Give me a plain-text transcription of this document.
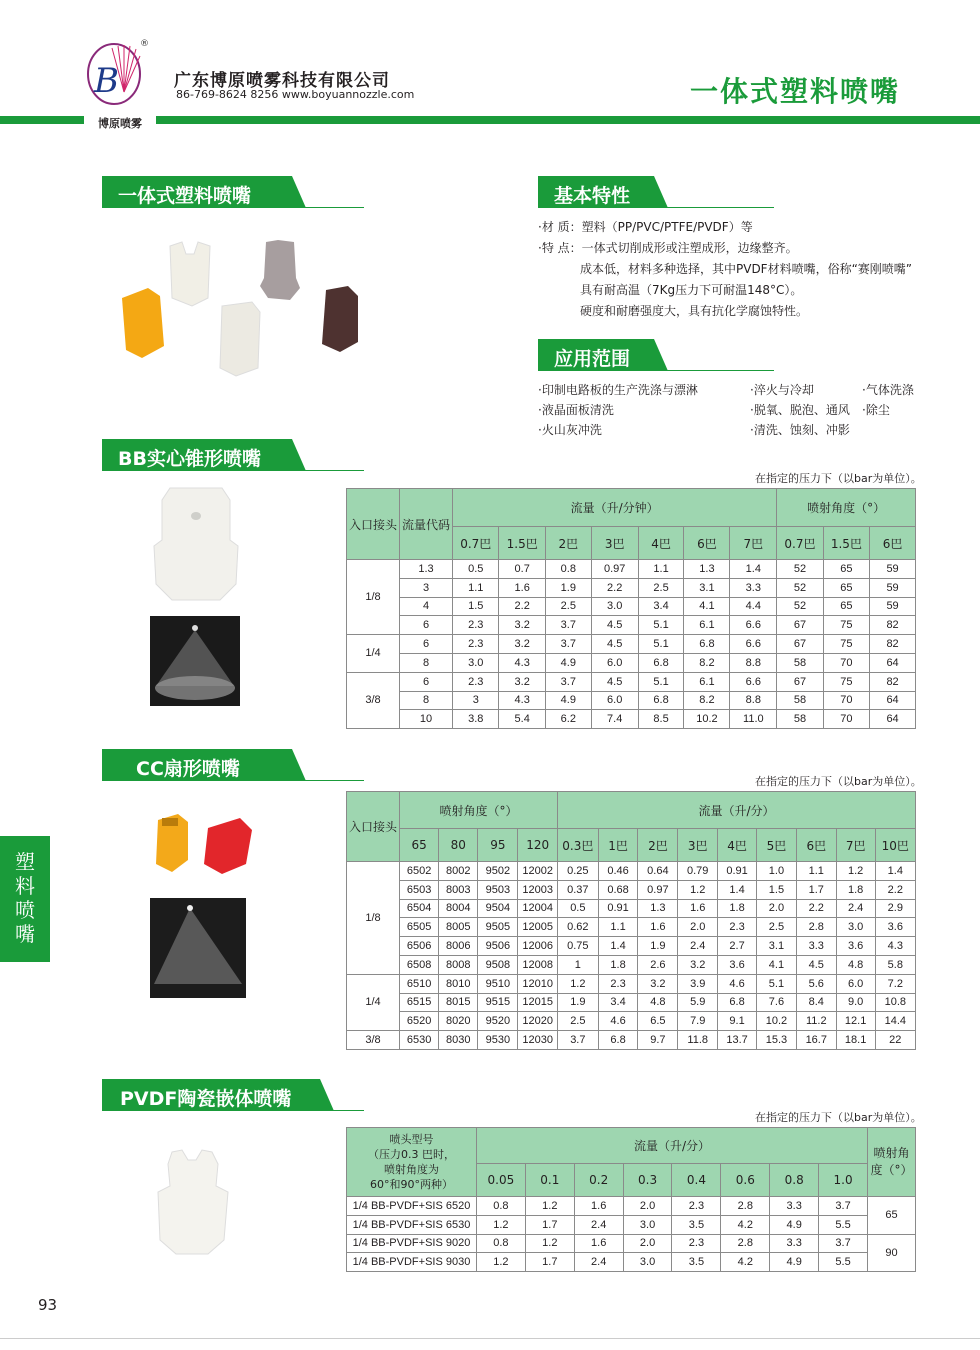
B
®
博原喷雾
广东博原喷雾科技有限公司
86-769-8624 8256 www.boyuannozzle.com	一体式塑料喷嘴
一体式塑料喷嘴	基本特性
·材 质：塑料（PP/PVC/PTFE/PVDF）等
·特 点：一体式切削成形或注塑成形，边缘整齐。
成本低，材料多种选择，其中PVDF材料喷嘴，俗称“赛刚喷嘴”
具有耐高温（7Kg压力下可耐温148°C）。
硬度和耐磨强度大，具有抗化学腐蚀特性。
应用范围
·印制电路板的生产洗涤与漂淋
·液晶面板清洗
·火山灰冲洗
·淬火与冷却
·脱氧、脱泡、通风
·清洗、蚀刻、冲影
·气体洗涤
·除尘
BB实心锥形喷嘴
在指定的压力下（以bar为单位）。
入口接头	流量代码	流量（升/分钟）							喷射角度（°）		
		0.7巴	1.5巴	2巴	3巴	4巴	6巴	7巴	0.7巴	1.5巴	6巴
1/8	1.3	0.5	0.7	0.8	0.97	1.1	1.3	1.4	52	65	59
	3	1.1	1.6	1.9	2.2	2.5	3.1	3.3	52	65	59
	4	1.5	2.2	2.5	3.0	3.4	4.1	4.4	52	65	59
	6	2.3	3.2	3.7	4.5	5.1	6.1	6.6	67	75	82
1/4	6	2.3	3.2	3.7	4.5	5.1	6.8	6.6	67	75	82
	8	3.0	4.3	4.9	6.0	6.8	8.2	8.8	58	70	64
3/8	6	2.3	3.2	3.7	4.5	5.1	6.1	6.6	67	75	82
	8	3	4.3	4.9	6.0	6.8	8.2	8.8	58	70	64
	10	3.8	5.4	6.2	7.4	8.5	10.2	11.0	58	70	64
CC扇形喷嘴
在指定的压力下（以bar为单位）。
入口接头	喷射角度（°）				流量（升/分）								
	65	80	95	120	0.3巴	1巴	2巴	3巴	4巴	5巴	6巴	7巴	10巴
1/8	6502	8002	9502	12002	0.25	0.46	0.64	0.79	0.91	1.0	1.1	1.2	1.4
	6503	8003	9503	12003	0.37	0.68	0.97	1.2	1.4	1.5	1.7	1.8	2.2
	6504	8004	9504	12004	0.5	0.91	1.3	1.6	1.8	2.0	2.2	2.4	2.9
	6505	8005	9505	12005	0.62	1.1	1.6	2.0	2.3	2.5	2.8	3.0	3.6
	6506	8006	9506	12006	0.75	1.4	1.9	2.4	2.7	3.1	3.3	3.6	4.3
	6508	8008	9508	12008	1	1.8	2.6	3.2	3.6	4.1	4.5	4.8	5.8
1/4	6510	8010	9510	12010	1.2	2.3	3.2	3.9	4.6	5.1	5.6	6.0	7.2
	6515	8015	9515	12015	1.9	3.4	4.8	5.9	6.8	7.6	8.4	9.0	10.8
	6520	8020	9520	12020	2.5	4.6	6.5	7.9	9.1	10.2	11.2	12.1	14.4
3/8	6530	8030	9530	12030	3.7	6.8	9.7	11.8	13.7	15.3	16.7	18.1	22
PVDF陶瓷嵌体喷嘴
在指定的压力下（以bar为单位）。
喷头型号
（压力0.3 巴时，
喷射角度为
60°和90°两种）	流量（升/分）								喷射角度（°）
	0.05	0.1	0.2	0.3	0.4	0.6	0.8	1.0	
1/4 BB-PVDF+SIS 6520	0.8	1.2	1.6	2.0	2.3	2.8	3.3	3.7	65
1/4 BB-PVDF+SIS 6530	1.2	1.7	2.4	3.0	3.5	4.2	4.9	5.5	
1/4 BB-PVDF+SIS 9020	0.8	1.2	1.6	2.0	2.3	2.8	3.3	3.7	90
1/4 BB-PVDF+SIS 9030	1.2	1.7	2.4	3.0	3.5	4.2	4.9	5.5	
塑
料
喷
嘴
93
